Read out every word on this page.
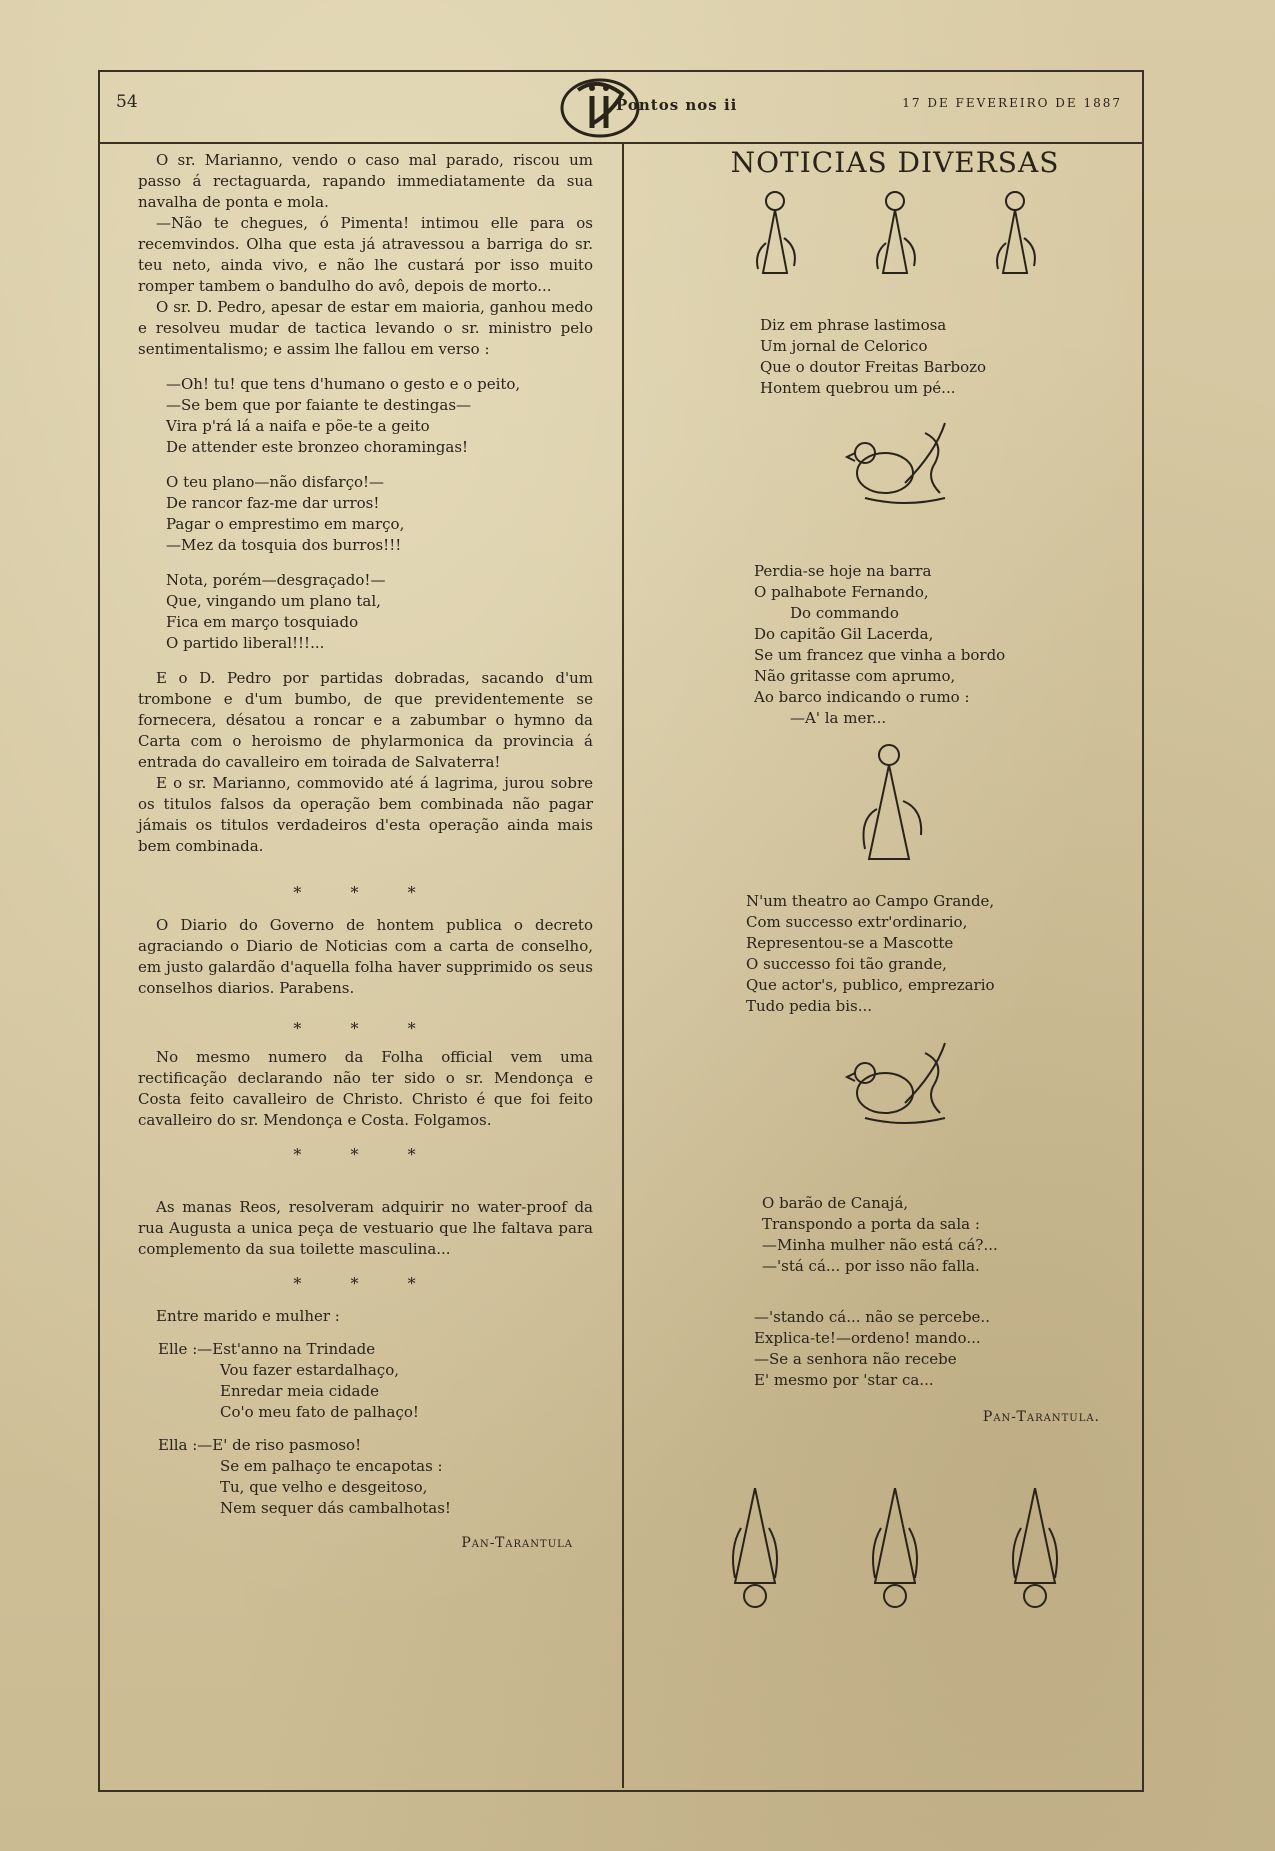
54	Pontos nos ii	17 DE FEVEREIRO DE 1887

O sr. Marianno, vendo o caso mal parado, riscou um passo á rectaguarda, rapando immediatamente da sua navalha de ponta e mola.

—Não te chegues, ó Pimenta! intimou elle para os recemvindos. Olha que esta já atravessou a barriga do sr. teu neto, ainda vivo, e não lhe custará por isso muito romper tambem o bandulho do avô, depois de morto...

O sr. D. Pedro, apesar de estar em maioria, ganhou medo e resolveu mudar de tactica levando o sr. ministro pelo sentimentalismo; e assim lhe fallou em verso :

—Oh! tu! que tens d'humano o gesto e o peito,
—Se bem que por faiante te destingas—
Vira p'rá lá a naifa e põe-te a geito
De attender este bronzeo choramingas!
O teu plano—não disfarço!—
De rancor faz-me dar urros!
Pagar o emprestimo em março,
—Mez da tosquia dos burros!!!
Nota, porém—desgraçado!—
Que, vingando um plano tal,
Fica em março tosquiado
O partido liberal!!!...

E o D. Pedro por partidas dobradas, sacando d'um trombone e d'um bumbo, de que previdentemente se fornecera, désatou a roncar e a zabumbar o hymno da Carta com o heroismo de phylarmonica da provincia á entrada do cavalleiro em toirada de Salvaterra!

E o sr. Marianno, commovido até á lagrima, jurou sobre os titulos falsos da operação bem combinada não pagar jámais os titulos verdadeiros d'esta operação ainda mais bem combinada.

* * *

O Diario do Governo de hontem publica o decreto agraciando o Diario de Noticias com a carta de conselho, em justo galardão d'aquella folha haver supprimido os seus conselhos diarios. Parabens.

* * *

No mesmo numero da Folha official vem uma rectificação declarando não ter sido o sr. Mendonça e Costa feito cavalleiro de Christo. Christo é que foi feito cavalleiro do sr. Mendonça e Costa. Folgamos.

* * *

As manas Reos, resolveram adquirir no water-proof da rua Augusta a unica peça de vestuario que lhe faltava para complemento da sua toilette masculina...

* * *

Entre marido e mulher :

Elle :—Est'anno na Trindade
Vou fazer estardalhaço,
Enredar meia cidade
Co'o meu fato de palhaço!
Ella :—E' de riso pasmoso!
Se em palhaço te encapotas :
Tu, que velho e desgeitoso,
Nem sequer dás cambalhotas!
Pan-Tarantula
NOTICIAS DIVERSAS
Diz em phrase lastimosa
Um jornal de Celorico
Que o doutor Freitas Barbozo
Hontem quebrou um pé...
Perdia-se hoje na barra
O palhabote Fernando,
Do commando
Do capitão Gil Lacerda,
Se um francez que vinha a bordo
Não gritasse com aprumo,
Ao barco indicando o rumo :
—A' la mer...
N'um theatro ao Campo Grande,
Com successo extr'ordinario,
Representou-se a Mascotte
O successo foi tão grande,
Que actor's, publico, emprezario
Tudo pedia bis...
O barão de Canajá,
Transpondo a porta da sala :
—Minha mulher não está cá?...
—'stá cá... por isso não falla.
—'stando cá... não se percebe..
Explica-te!—ordeno! mando...
—Se a senhora não recebe
E' mesmo por 'star ca...
Pan-Tarantula.
